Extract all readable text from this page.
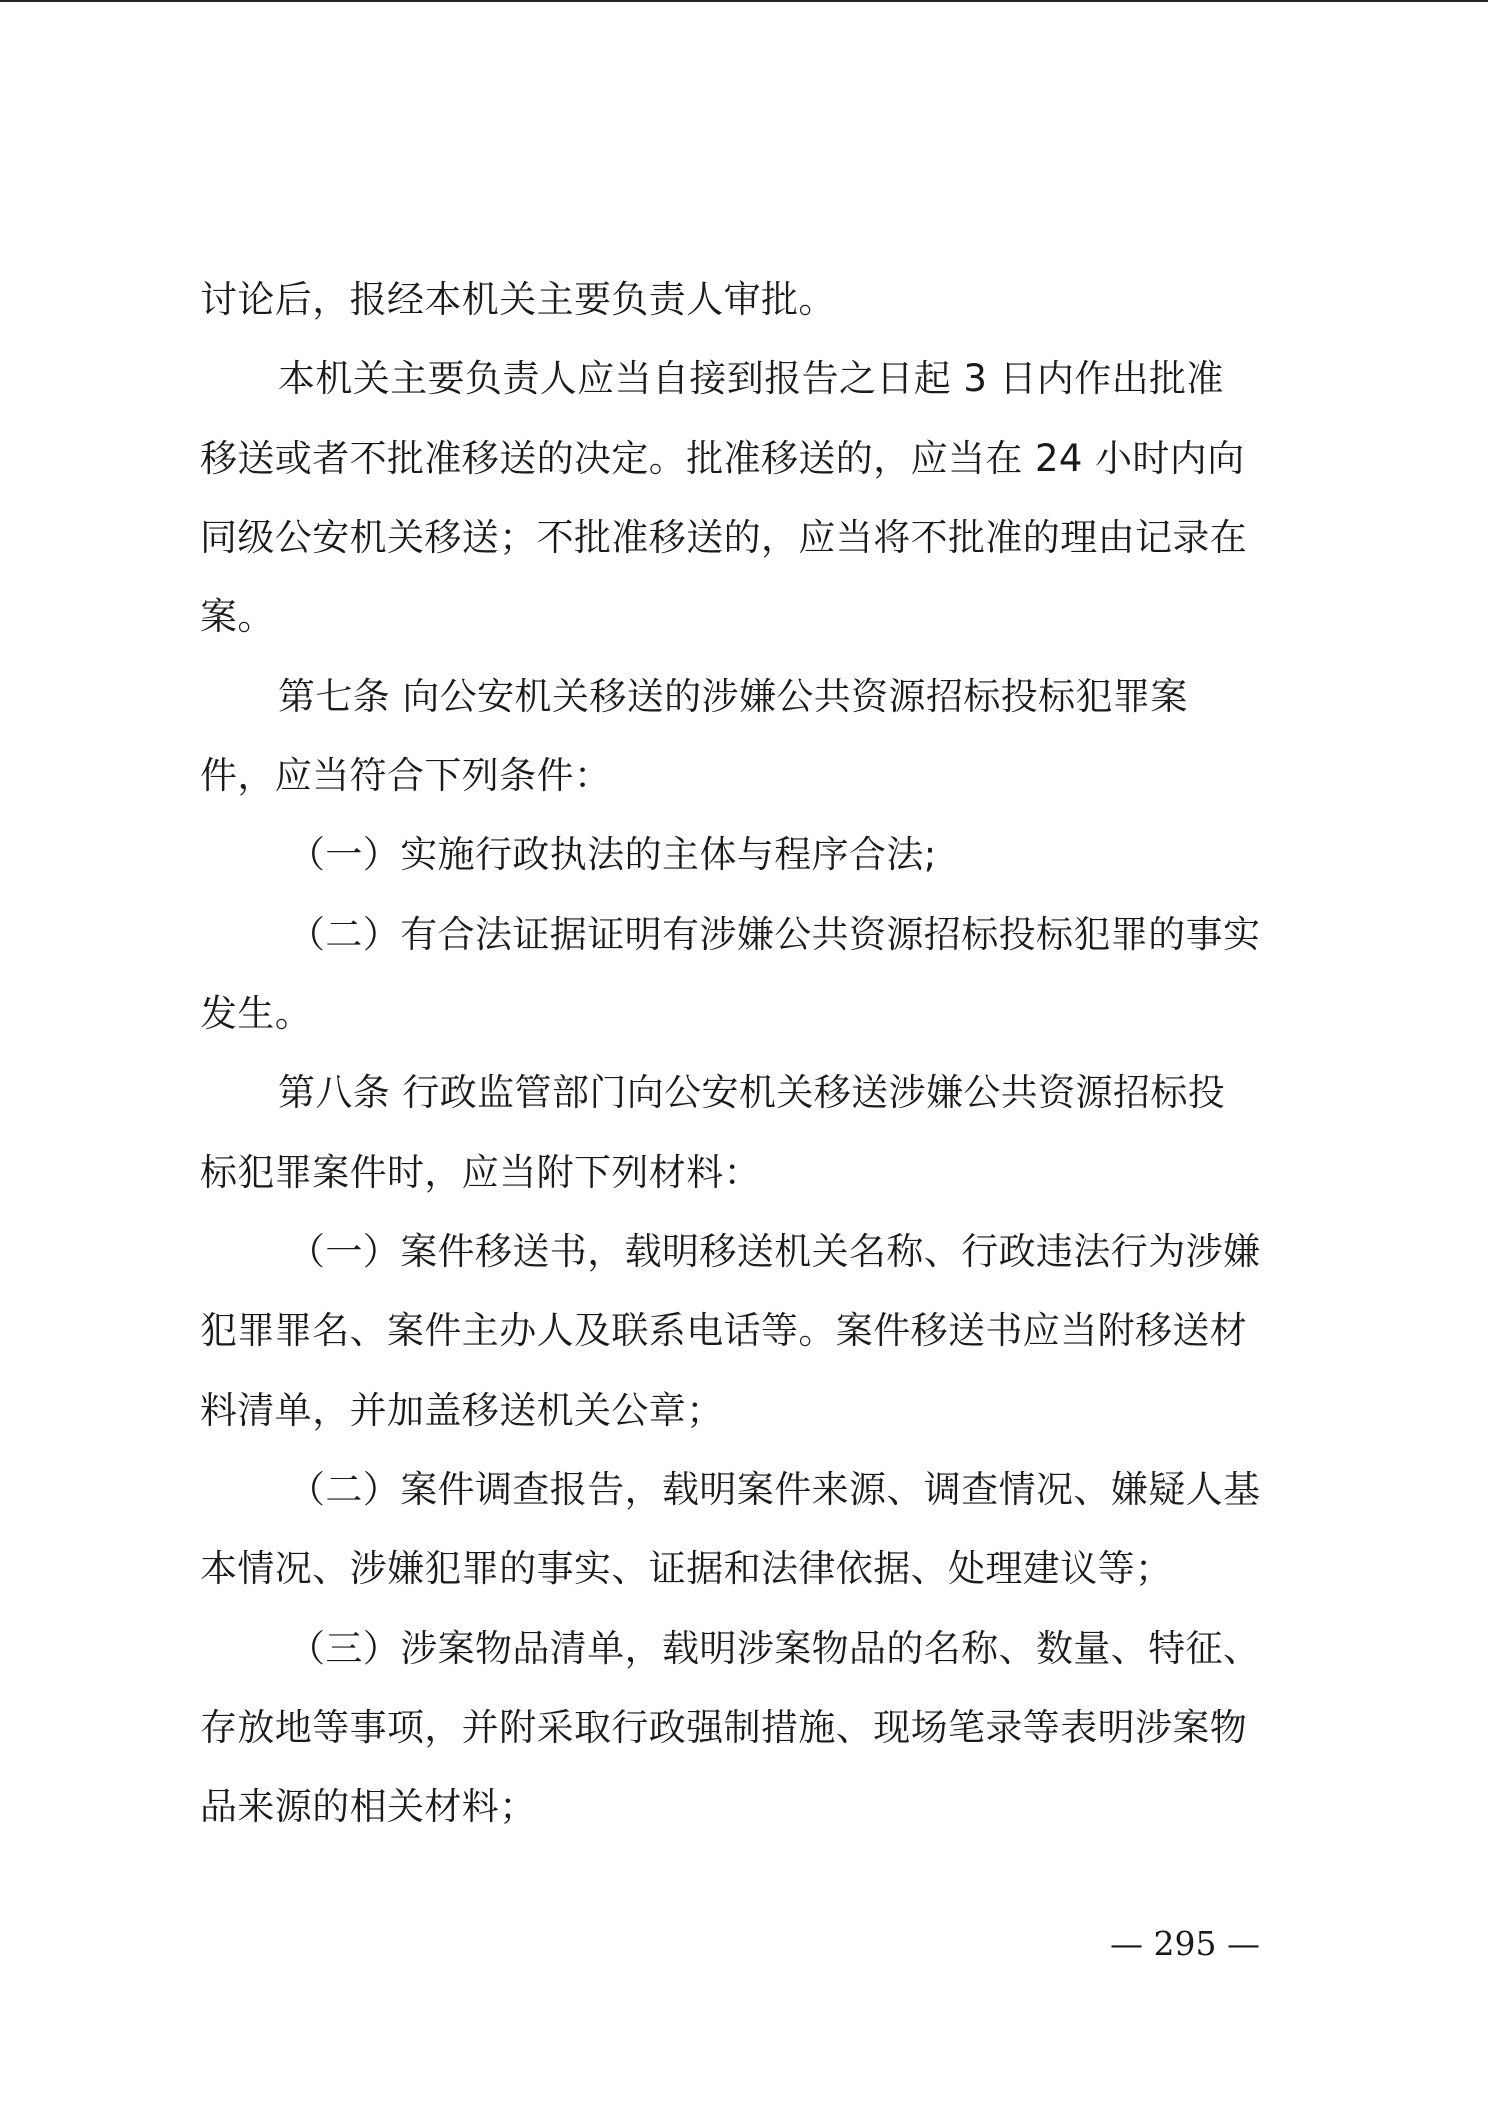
讨论后，报经本机关主要负责人审批。
本机关主要负责人应当自接到报告之日起 3 日内作出批准
移送或者不批准移送的决定。批准移送的，应当在 24 小时内向
同级公安机关移送；不批准移送的，应当将不批准的理由记录在
案。
第七条 向公安机关移送的涉嫌公共资源招标投标犯罪案
件，应当符合下列条件：
（一）实施行政执法的主体与程序合法;
（二）有合法证据证明有涉嫌公共资源招标投标犯罪的事实
发生。
第八条 行政监管部门向公安机关移送涉嫌公共资源招标投
标犯罪案件时，应当附下列材料：
（一）案件移送书，载明移送机关名称、行政违法行为涉嫌
犯罪罪名、案件主办人及联系电话等。案件移送书应当附移送材
料清单，并加盖移送机关公章；
（二）案件调查报告，载明案件来源、调查情况、嫌疑人基
本情况、涉嫌犯罪的事实、证据和法律依据、处理建议等；
（三）涉案物品清单，载明涉案物品的名称、数量、特征、
存放地等事项，并附采取行政强制措施、现场笔录等表明涉案物
品来源的相关材料；
— 295 —
